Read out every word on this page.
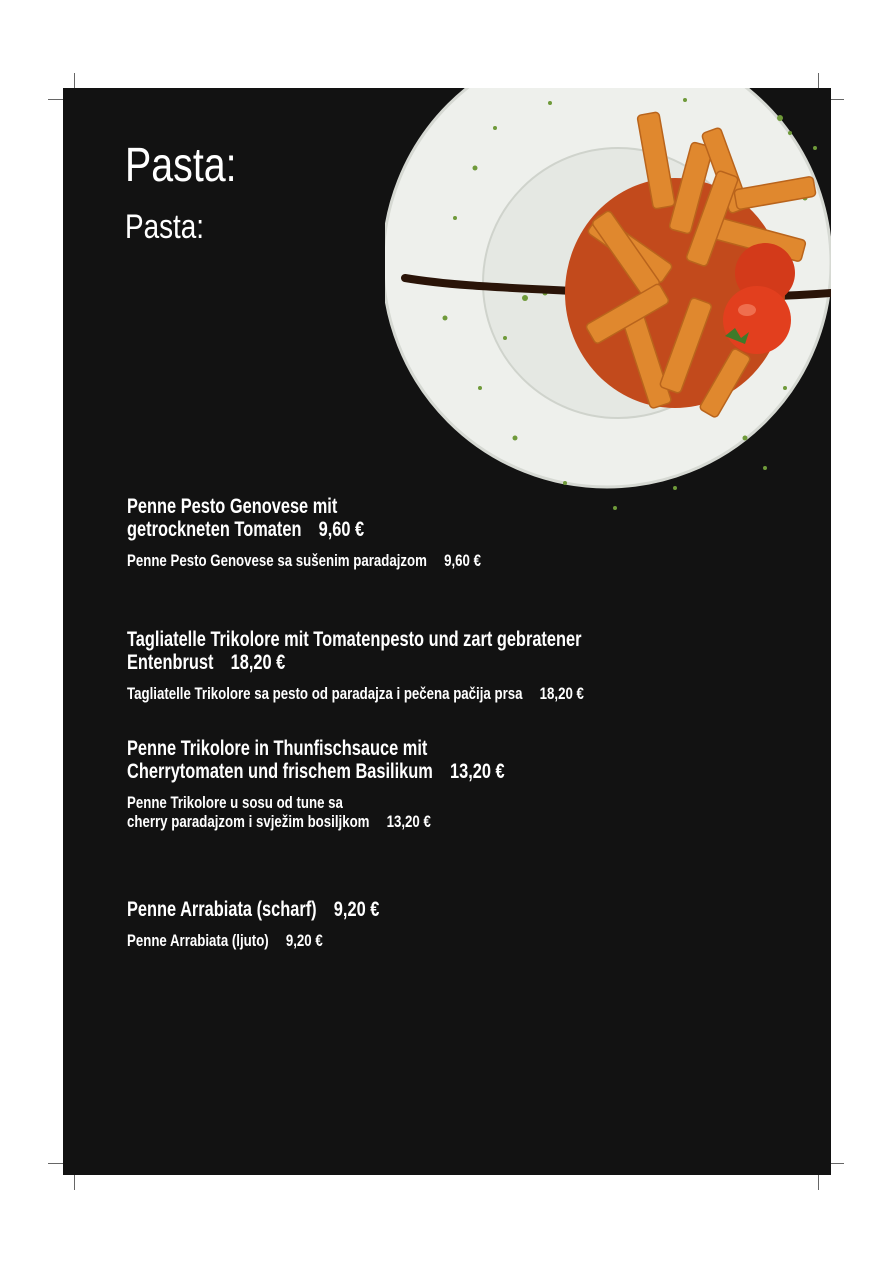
Pasta:
Pasta:

Penne Pesto Genovese mit
getrockneten Tomaten 9,60 €

Penne Pesto Genovese sa sušenim paradajzom 9,60 €

Tagliatelle Trikolore mit Tomatenpesto und zart gebratener Entenbrust 18,20 €

Tagliatelle Trikolore sa pesto od paradajza i pečena pačija prsa 18,20 €

Penne Trikolore in Thunfischsauce mit
Cherrytomaten und frischem Basilikum 13,20 €

Penne Trikolore u sosu od tune sa
cherry paradajzom i svježim bosiljkom 13,20 €

Penne Arrabiata (scharf) 9,20 €

Penne Arrabiata (ljuto) 9,20 €
